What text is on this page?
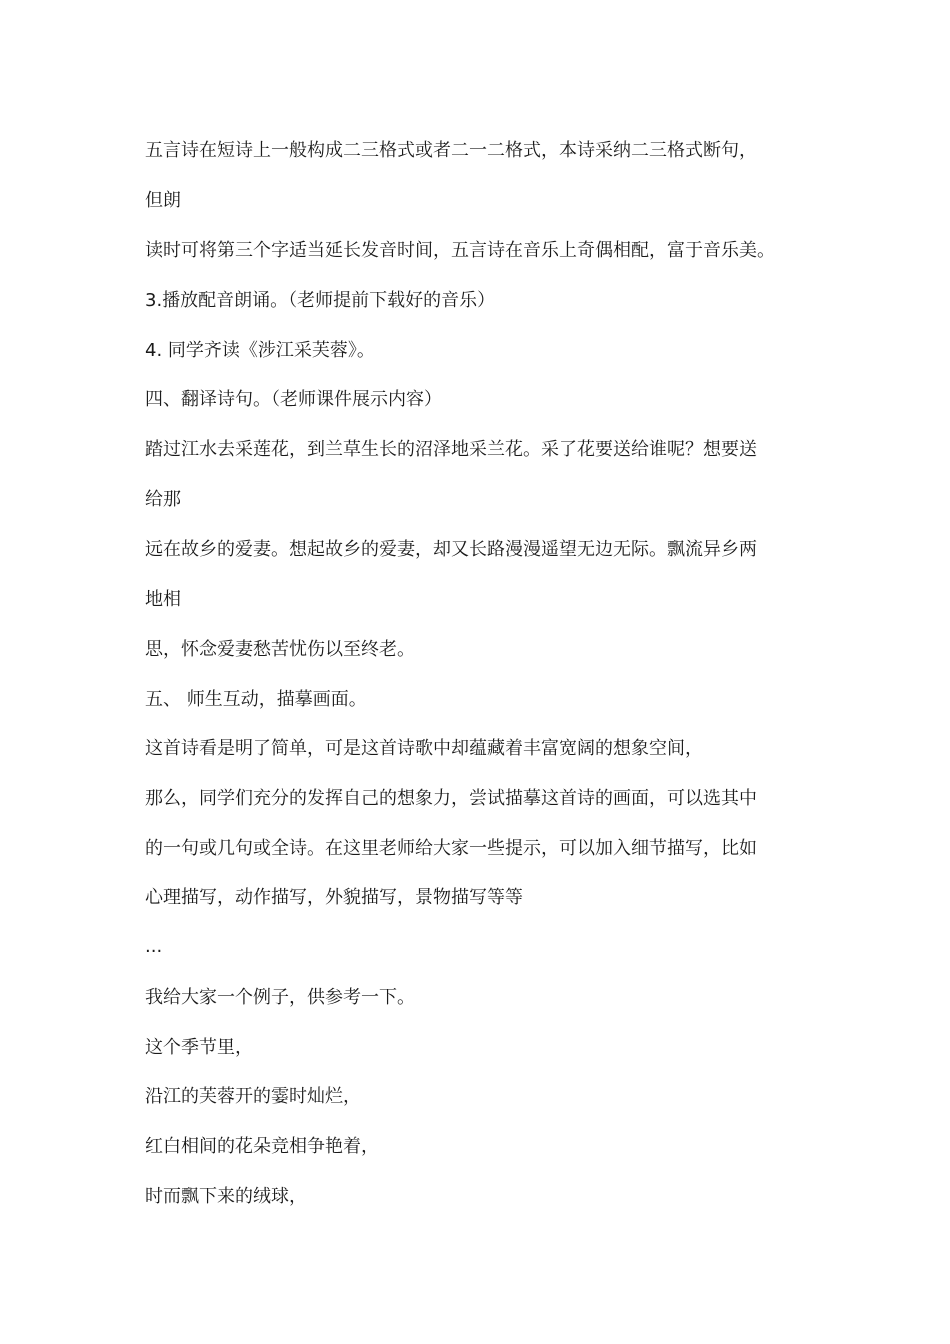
五言诗在短诗上一般构成二三格式或者二一二格式，本诗采纳二三格式断句，
但朗
读时可将第三个字适当延长发音时间，五言诗在音乐上奇偶相配，富于音乐美。
3.播放配音朗诵。（老师提前下载好的音乐）
4. 同学齐读《涉江采芙蓉》。
四、翻译诗句。（老师课件展示内容）
踏过江水去采莲花，到兰草生长的沼泽地采兰花。采了花要送给谁呢？想要送
给那
远在故乡的爱妻。想起故乡的爱妻，却又长路漫漫遥望无边无际。飘流异乡两
地相
思，怀念爱妻愁苦忧伤以至终老。
五、 师生互动，描摹画面。
这首诗看是明了简单，可是这首诗歌中却蕴藏着丰富宽阔的想象空间，
那么，同学们充分的发挥自己的想象力，尝试描摹这首诗的画面，可以选其中
的一句或几句或全诗。在这里老师给大家一些提示，可以加入细节描写，比如
心理描写，动作描写，外貌描写，景物描写等等
...
我给大家一个例子，供参考一下。
这个季节里，
沿江的芙蓉开的霎时灿烂，
红白相间的花朵竞相争艳着，
时而飘下来的绒球，
